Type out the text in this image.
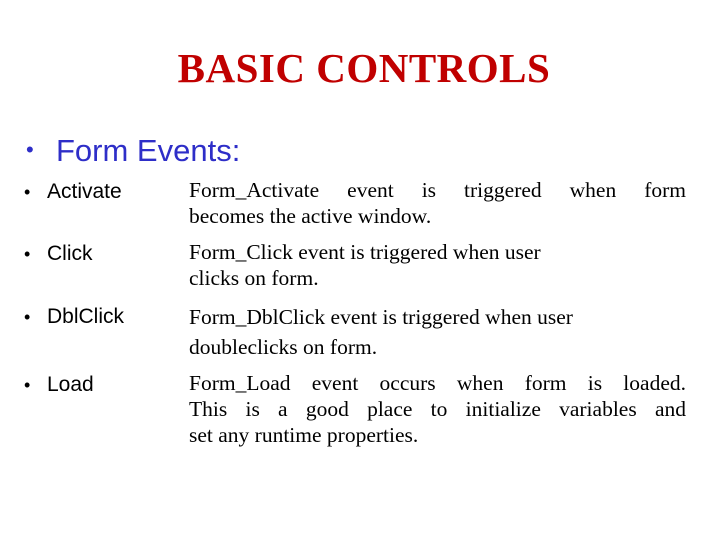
BASIC CONTROLS
• Form Events:
• Activate	Form_Activate event is triggered when form
becomes the active window.
• Click	Form_Click event is triggered when user
clicks on form.
• DblClick	Form_DblClick event is triggered when user
doubleclicks on form.
• Load	Form_Load event occurs when form is loaded.
This is a good place to initialize variables and
set any runtime properties.
